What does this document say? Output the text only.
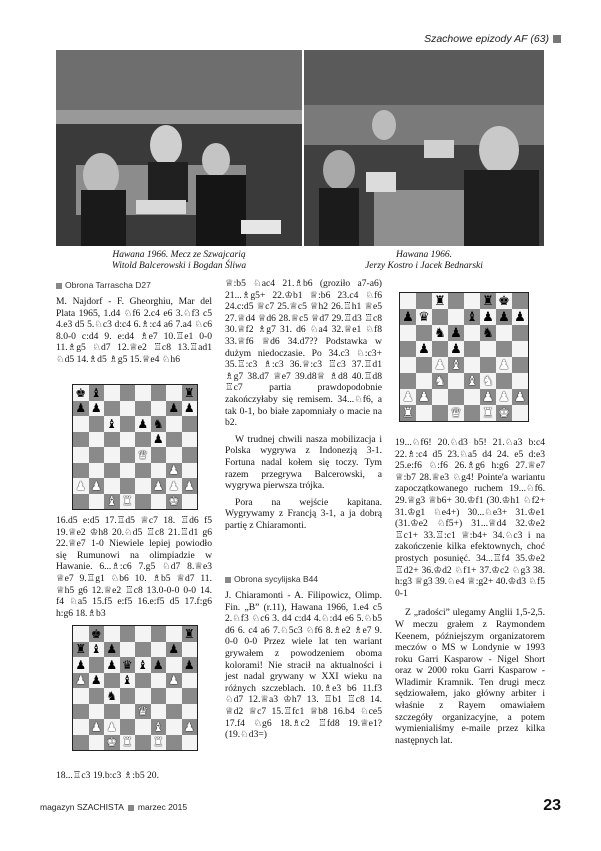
Szachowe epizody AF (63)
Hawana 1966. Mecz ze Szwajcarią
Witold Balcerowski i Bogdan Śliwa
Hawana 1966.
Jerzy Kostro i Jacek Bednarski
Obrona Tarrascha D27

M. Najdorf - F. Gheorghiu, Mar del Plata 1965, 1.d4 ♘f6 2.c4 e6 3.♘f3 c5 4.e3 d5 5.♘c3 d:c4 6.♗:c4 a6 7.a4 ♘c6 8.0-0 c:d4 9. e:d4 ♗e7 10.♖e1 0-0 11.♗g5 ♘d7 12.♕e2 ♖c8 13.♖ad1 ♘d5 14.♗d5 ♗g5 15.♕e4 ♘h6

♚ ♝	♜
♟ ♟	♟ ♟
♝ ♟ ♞
♟
♛
♟
♟ ♟	♟ ♟ ♟
♝ ♜	♚

16.d5 e:d5 17.♖d5 ♕c7 18. ♖d6 f5 19.♕e2 ♔h8 20.♘d5 ♖c8 21.♖d1 g6 22.♕e7 1-0 Niewiele lepiej powiodło się Rumunowi na olimpiadzie w Hawanie. 6...♗:c6 7.g5 ♘d7 8.♕e3 ♕e7 9.♖g1 ♘b6 10. ♗b5 ♕d7 11. ♕h5 g6 12.♕e2 ♖c8 13.0-0-0 0-0 14. f4 ♘a5 15.f5 e:f5 16.e:f5 d5 17.f:g6 h:g6 18.♗b3

♚	♜
♜ ♝ ♟	♟
♟ ♟ ♛ ♝ ♟ ♟
♟ ♟ ♝	♟
♞
♛
♟ ♟	♝ ♟
♚ ♜ ♜

18...♖c3 19.b:c3 ♗:b5 20.

♕:b5 ♘ac4 21.♗b6 (groziło a7-a6) 21...♗g5+ 22.♔b1 ♕:b6 23.c4 ♘f6 24.c:d5 ♕c7 25.♕c5 ♕h2 26.♖h1 ♕e5 27.♕d4 ♕d6 28.♕c5 ♕d7 29.♖d3 ♖c8 30.♕f2 ♗g7 31. d6 ♘a4 32.♕e1 ♘f8 33.♕f6 ♕d6 34.d7?? Podstawka w dużym niedoczasie. Po 34.c3 ♘:c3+ 35.♖:c3 ♗:c3 36.♕:c3 ♖c3 37.♖d1 ♗g7 38.d7 ♕e7 39.d8♕ ♗d8 40.♖d8 ♖c7 partia prawdopodobnie zakończyłaby się remisem. 34...♘f6, a tak 0-1, bo białe zapomniały o macie na b2.

W trudnej chwili nasza mobilizacja i Polska wygrywa z Indonezją 3-1. Fortuna nadal kołem się toczy. Tym razem przegrywa Balcerowski, a wygrywa pierwsza trójka.

Pora na wejście kapitana. Wygrywamy z Francją 3-1, a ja dobrą partię z Chiaramonti.

Obrona sycylijska B44

J. Chiaramonti - A. Filipowicz, Olimp. Fin. „B” (r.11), Hawana 1966, 1.e4 c5 2.♘f3 ♘c6 3. d4 c:d4 4.♘:d4 e6 5.♘b5 d6 6. c4 a6 7.♘5c3 ♘f6 8.♗e2 ♗e7 9. 0-0 0-0 Przez wiele lat ten wariant grywałem z powodzeniem oboma kolorami! Nie stracił na aktualności i jest nadal grywany w XXI wieku na różnych szczeblach. 10.♗e3 b6 11.f3 ♘d7 12.♕a3 ♔h7 13. ♖b1 ♖c8 14. ♕d2 ♕c7 15.♖fc1 ♕b8 16.b4 ♘ce5 17.f4 ♘g6 18.♗c2 ♖fd8 19.♕e1? (19.♘d3=)

♜	♜ ♚
♟ ♛	♝ ♟ ♟ ♟
♞ ♟ ♞
♟ ♟
♟ ♝	♟
♞ ♝ ♞
♟ ♟	♟ ♟ ♟
♜	♛ ♜ ♚

19...♘f6! 20.♘d3 b5! 21.♘a3 b:c4 22.♗:c4 d5 23.♘a5 d4 24. e5 d:e3 25.e:f6 ♘:f6 26.♗g6 h:g6 27.♕e7 ♕:b7 28.♕e3 ♘g4! Pointe'a wariantu zapoczątkowanego ruchem 19...♘f6. 29.♕g3 ♕b6+ 30.♔f1 (30.♔h1 ♘f2+ 31.♔g1 ♘e4+) 30...♘e3+ 31.♔e1 (31.♔e2 ♘f5+) 31...♕d4 32.♔e2 ♖c1+ 33.♖:c1 ♕:b4+ 34.♘c3 i na zakończenie kilka efektownych, choć prostych posunięć. 34...♖f4 35.♔e2 ♖d2+ 36.♔d2 ♘f1+ 37.♔c2 ♘g3 38. h:g3 ♕g3 39.♘e4 ♕:g2+ 40.♔d3 ♘f5 0-1

Z „radości” ulegamy Anglii 1,5-2,5. W meczu grałem z Raymondem Keenem, późniejszym organizatorem meczów o MS w Londynie w 1993 roku Garri Kasparow - Nigel Short oraz w 2000 roku Garri Kasparow - Wladimir Kramnik. Ten drugi mecz sędziowałem, jako główny arbiter i właśnie z Rayem omawiałem szczegóły organizacyjne, a potem wymienialiśmy e-maile przez kilka następnych lat.

magazyn SZACHISTA marzec 2015	23
